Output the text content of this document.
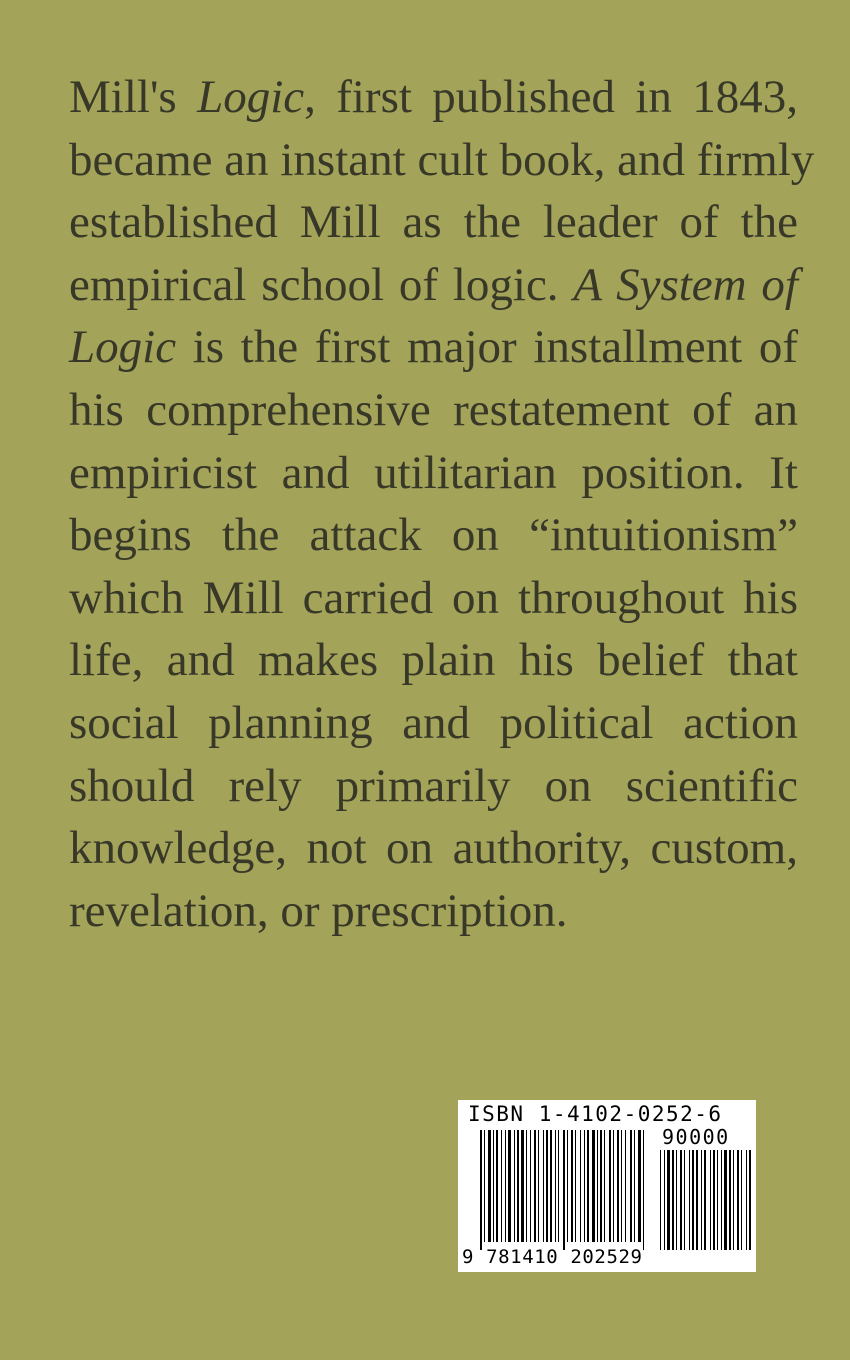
Mill's Logic, first published in 1843,
became an instant cult book, and firmly
established Mill as the leader of the
empirical school of logic. A System of
Logic is the first major installment of
his comprehensive restatement of an
empiricist and utilitarian position. It
begins the attack on “intuitionism”
which Mill carried on throughout his
life, and makes plain his belief that
social planning and political action
should rely primarily on scientific
knowledge, not on authority, custom,
revelation, or prescription.
ISBN 1-4102-0252-6
90000
9 781410 202529
